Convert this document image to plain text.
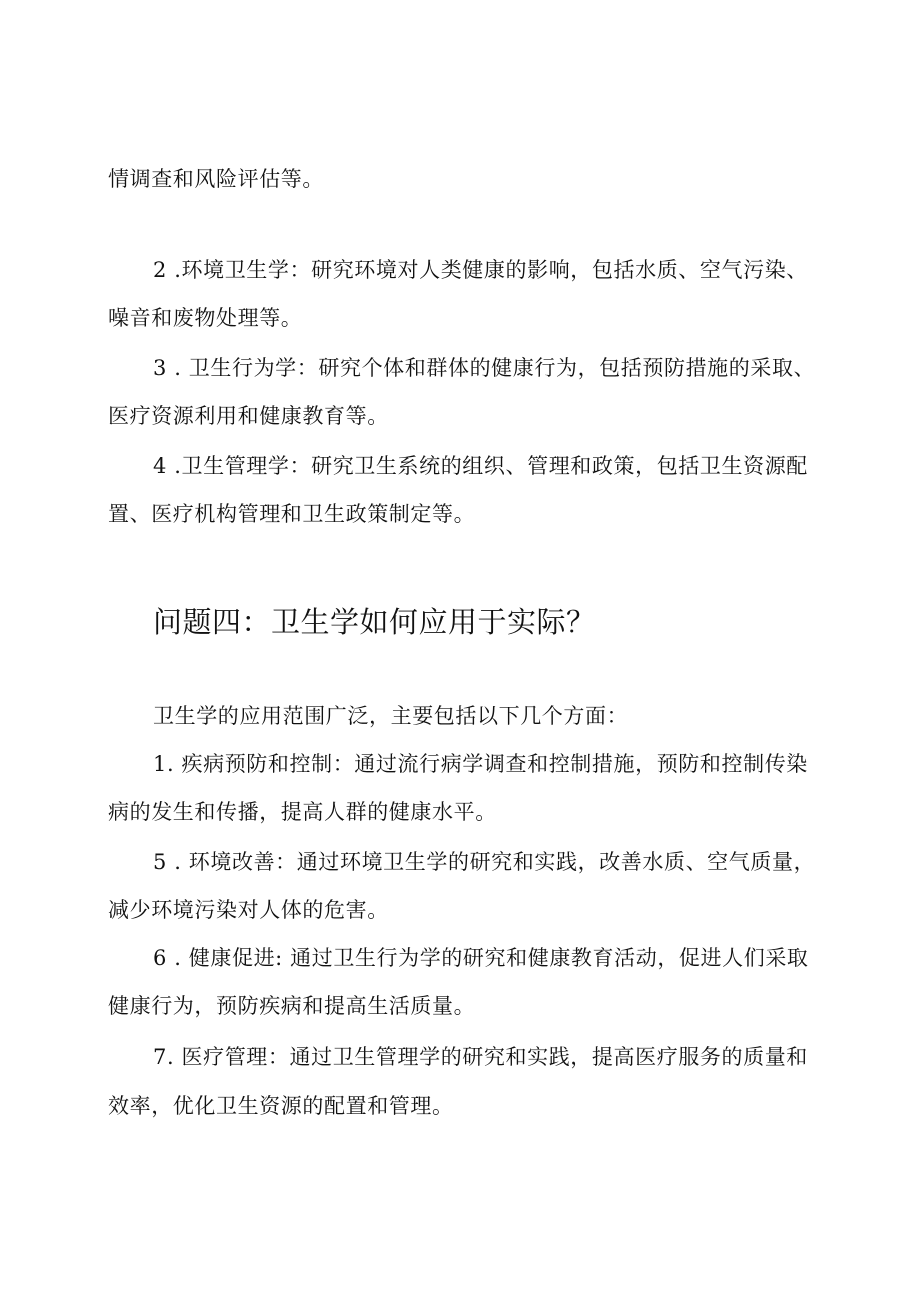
情调查和风险评估等。
2 .环境卫生学：研究环境对人类健康的影响，包括水质、空气污染、
噪音和废物处理等。
3 . 卫生行为学：研究个体和群体的健康行为，包括预防措施的采取、
医疗资源利用和健康教育等。
4 .卫生管理学：研究卫生系统的组织、管理和政策，包括卫生资源配
置、医疗机构管理和卫生政策制定等。
问题四：卫生学如何应用于实际？
卫生学的应用范围广泛，主要包括以下几个方面：
1. 疾病预防和控制：通过流行病学调查和控制措施，预防和控制传染
病的发生和传播，提高人群的健康水平。
5 . 环境改善：通过环境卫生学的研究和实践，改善水质、空气质量，
减少环境污染对人体的危害。
6 . 健康促进: 通过卫生行为学的研究和健康教育活动，促进人们采取
健康行为，预防疾病和提高生活质量。
7. 医疗管理：通过卫生管理学的研究和实践，提高医疗服务的质量和
效率，优化卫生资源的配置和管理。
